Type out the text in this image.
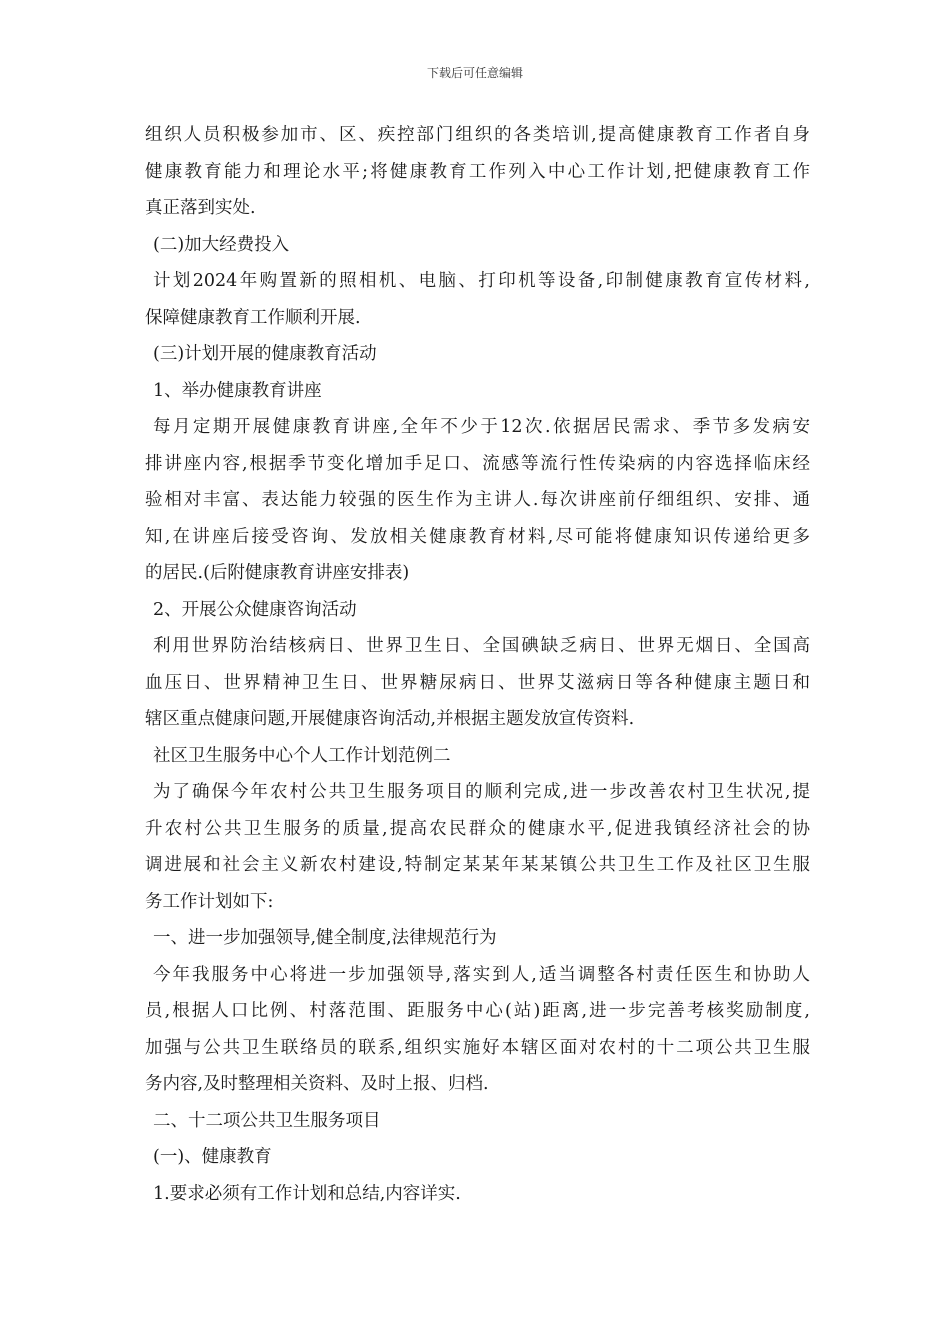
下载后可任意编辑
组织人员积极参加市、区、疾控部门组织的各类培训,提高健康教育工作者自身
健康教育能力和理论水平;将健康教育工作列入中心工作计划,把健康教育工作
真正落到实处.
(二)加大经费投入
计划2024年购置新的照相机、电脑、打印机等设备,印制健康教育宣传材料,
保障健康教育工作顺利开展.
(三)计划开展的健康教育活动
1、举办健康教育讲座
每月定期开展健康教育讲座,全年不少于12次.依据居民需求、季节多发病安
排讲座内容,根据季节变化增加手足口、流感等流行性传染病的内容选择临床经
验相对丰富、表达能力较强的医生作为主讲人.每次讲座前仔细组织、安排、通
知,在讲座后接受咨询、发放相关健康教育材料,尽可能将健康知识传递给更多
的居民.(后附健康教育讲座安排表)
2、开展公众健康咨询活动
利用世界防治结核病日、世界卫生日、全国碘缺乏病日、世界无烟日、全国高
血压日、世界精神卫生日、世界糖尿病日、世界艾滋病日等各种健康主题日和
辖区重点健康问题,开展健康咨询活动,并根据主题发放宣传资料.
社区卫生服务中心个人工作计划范例二
为了确保今年农村公共卫生服务项目的顺利完成,进一步改善农村卫生状况,提
升农村公共卫生服务的质量,提高农民群众的健康水平,促进我镇经济社会的协
调进展和社会主义新农村建设,特制定某某年某某镇公共卫生工作及社区卫生服
务工作计划如下:
一、进一步加强领导,健全制度,法律规范行为
今年我服务中心将进一步加强领导,落实到人,适当调整各村责任医生和协助人
员,根据人口比例、村落范围、距服务中心(站)距离,进一步完善考核奖励制度,
加强与公共卫生联络员的联系,组织实施好本辖区面对农村的十二项公共卫生服
务内容,及时整理相关资料、及时上报、归档.
二、十二项公共卫生服务项目
(一)、健康教育
1.要求必须有工作计划和总结,内容详实.
